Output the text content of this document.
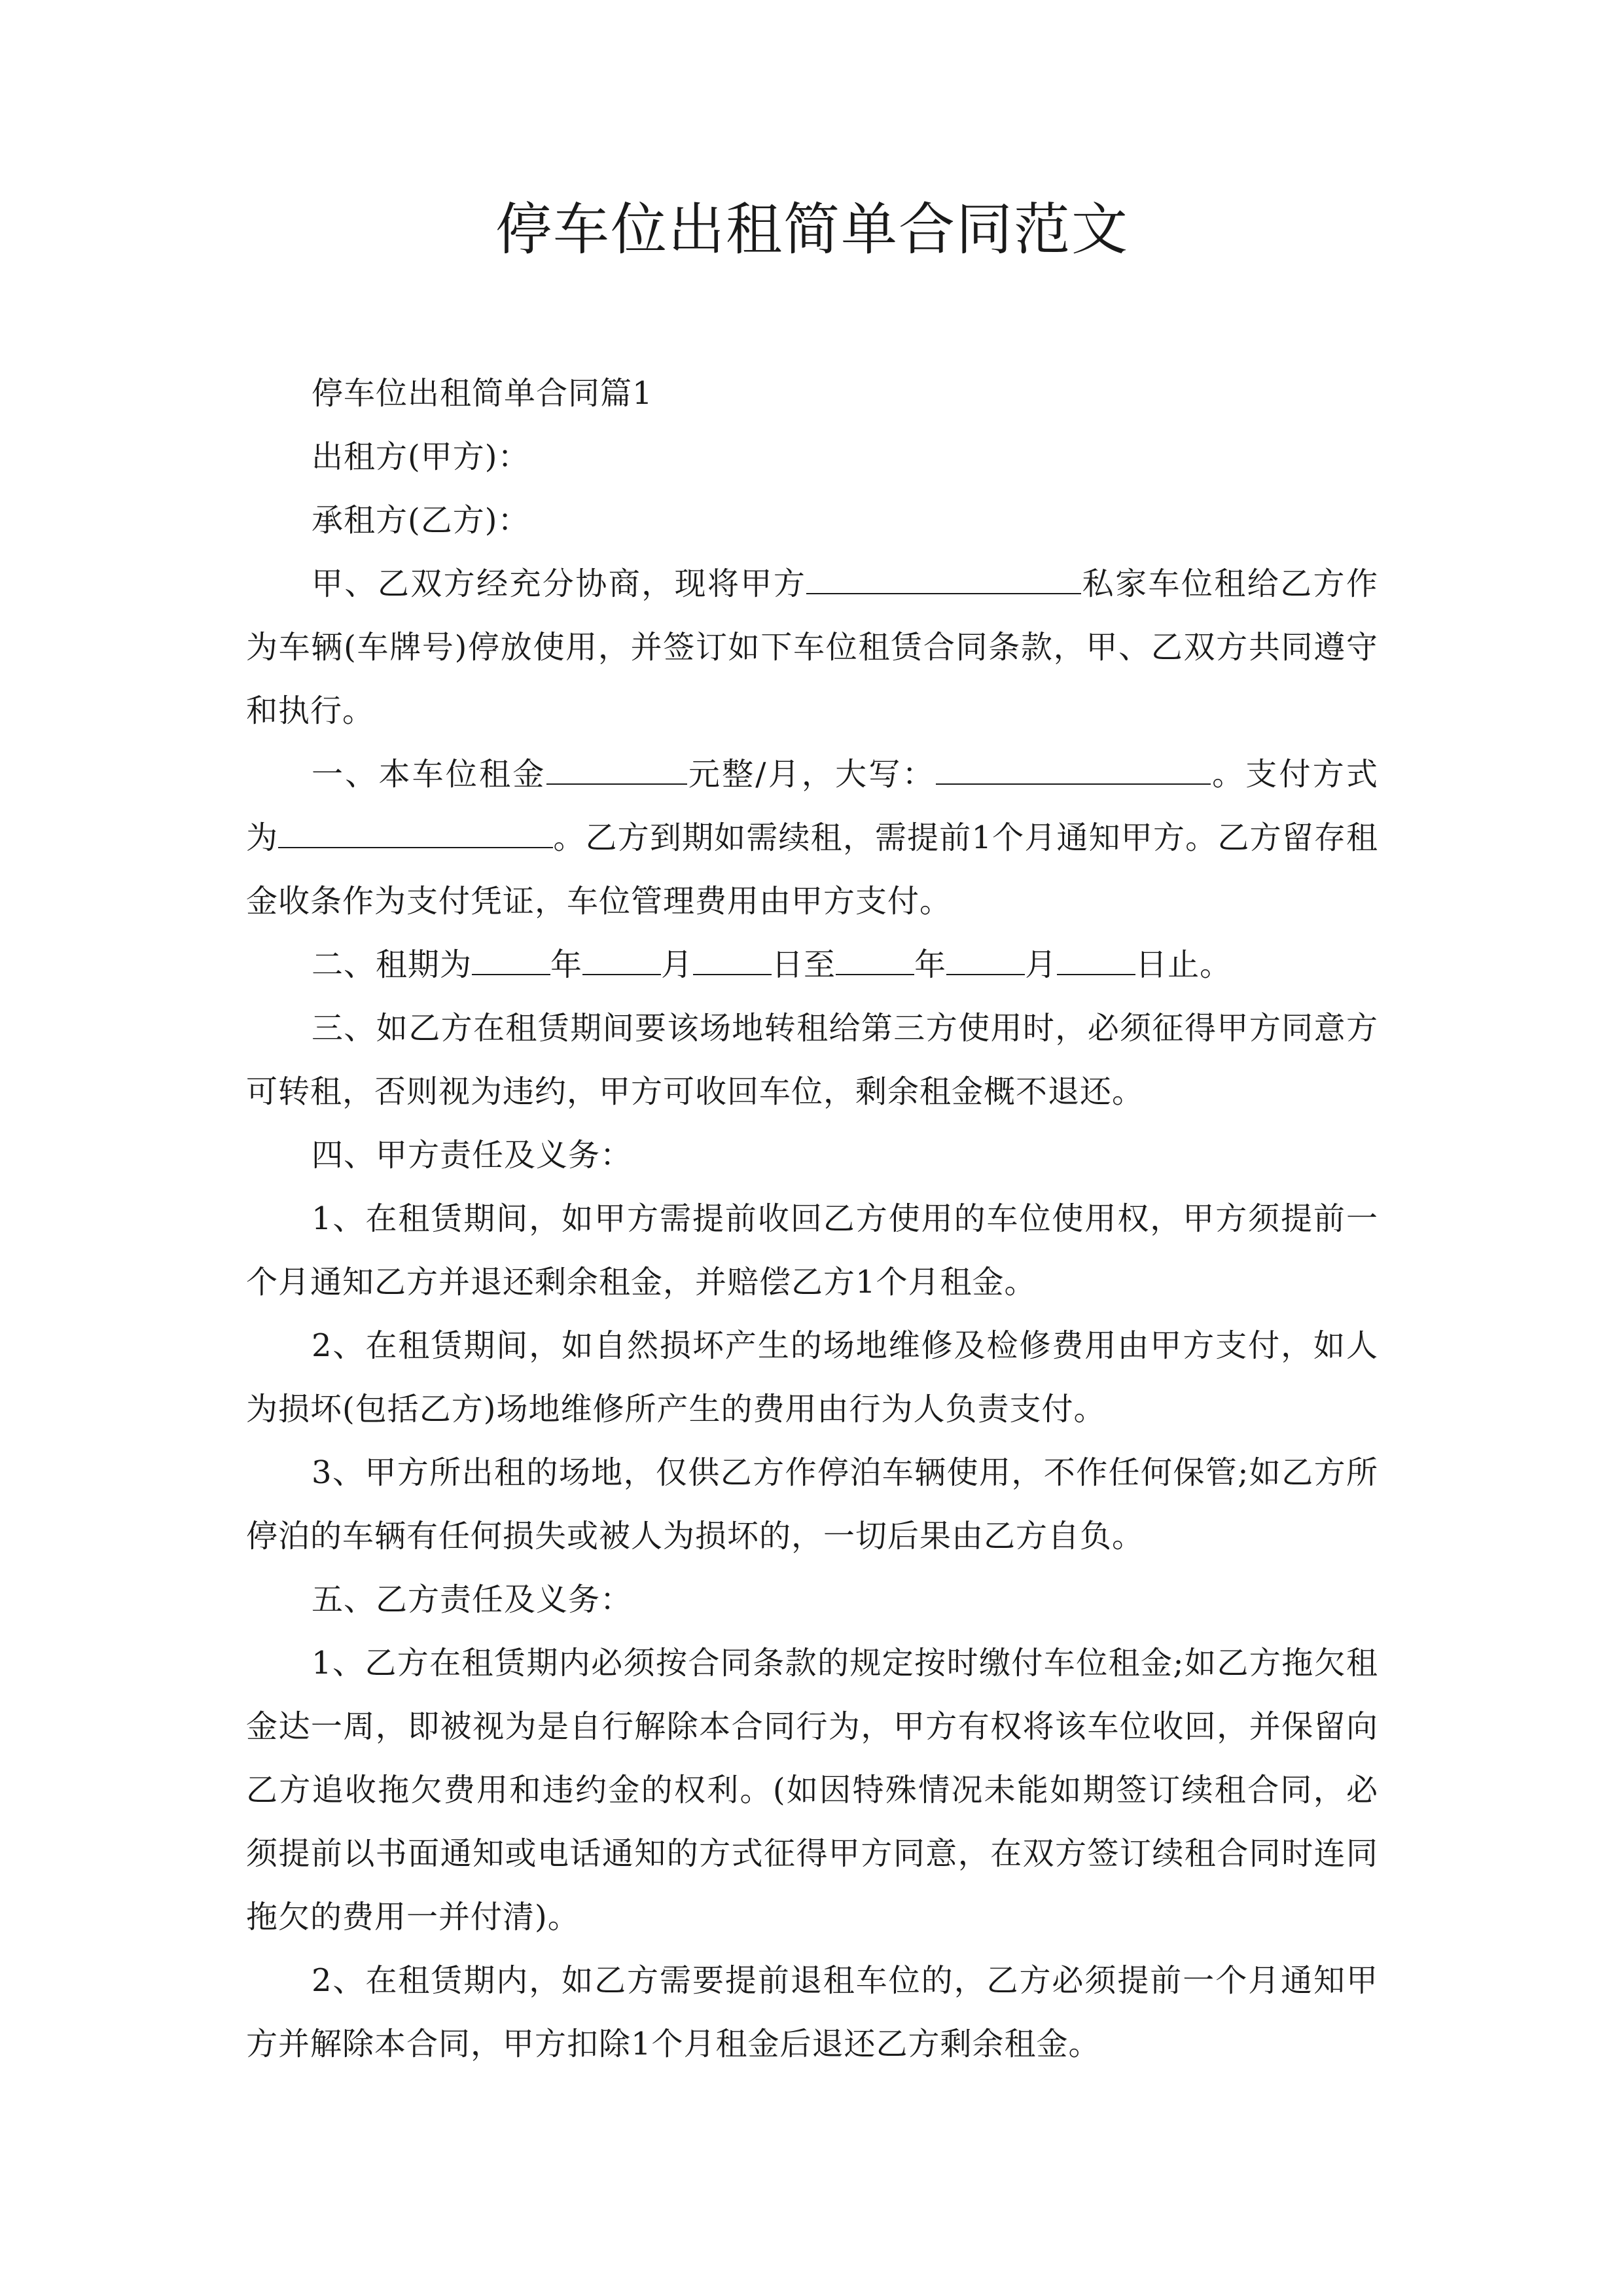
停车位出租简单合同范文

停车位出租简单合同篇1

出租方(甲方)：

承租方(乙方)：

甲、乙双方经充分协商，现将甲方	私家车位租给乙方作为车辆(车牌号)停放使用，并签订如下车位租赁合同条款，甲、乙双方共同遵守和执行。

一、本车位租金	元整/月，大写：	。支付方式为	。乙方到期如需续租，需提前1个月通知甲方。乙方留存租金收条作为支付凭证，车位管理费用由甲方支付。

二、租期为	年	月	日至	年	月	日止。

三、如乙方在租赁期间要该场地转租给第三方使用时，必须征得甲方同意方可转租，否则视为违约，甲方可收回车位，剩余租金概不退还。

四、甲方责任及义务：

1、在租赁期间，如甲方需提前收回乙方使用的车位使用权，甲方须提前一个月通知乙方并退还剩余租金，并赔偿乙方1个月租金。

2、在租赁期间，如自然损坏产生的场地维修及检修费用由甲方支付，如人为损坏(包括乙方)场地维修所产生的费用由行为人负责支付。

3、甲方所出租的场地，仅供乙方作停泊车辆使用，不作任何保管;如乙方所停泊的车辆有任何损失或被人为损坏的，一切后果由乙方自负。

五、乙方责任及义务：

1、乙方在租赁期内必须按合同条款的规定按时缴付车位租金;如乙方拖欠租金达一周，即被视为是自行解除本合同行为，甲方有权将该车位收回，并保留向乙方追收拖欠费用和违约金的权利。(如因特殊情况未能如期签订续租合同，必须提前以书面通知或电话通知的方式征得甲方同意，在双方签订续租合同时连同拖欠的费用一并付清)。

2、在租赁期内，如乙方需要提前退租车位的，乙方必须提前一个月通知甲方并解除本合同，甲方扣除1个月租金后退还乙方剩余租金。
